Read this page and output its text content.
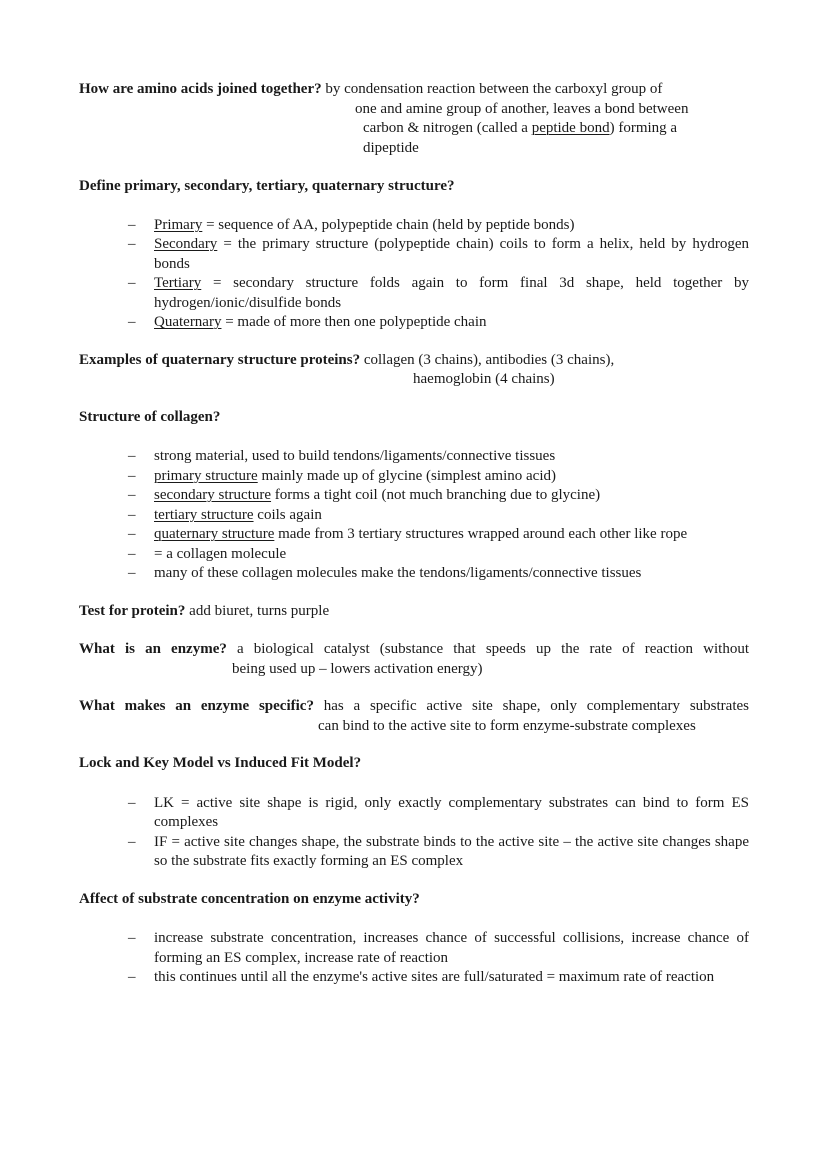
How are amino acids joined together? by condensation reaction between the carboxyl group of
one and amine group of another, leaves a bond between
carbon & nitrogen (called a peptide bond) forming a
dipeptide

Define primary, secondary, tertiary, quaternary structure?

– Primary = sequence of AA, polypeptide chain (held by peptide bonds)
– Secondary = the primary structure (polypeptide chain) coils to form a helix, held by hydrogen bonds
– Tertiary = secondary structure folds again to form final 3d shape, held together by hydrogen/ionic/disulfide bonds
– Quaternary = made of more then one polypeptide chain
Examples of quaternary structure proteins? collagen (3 chains), antibodies (3 chains),
haemoglobin (4 chains)

Structure of collagen?

– strong material, used to build tendons/ligaments/connective tissues
– primary structure mainly made up of glycine (simplest amino acid)
– secondary structure forms a tight coil (not much branching due to glycine)
– tertiary structure coils again
– quaternary structure made from 3 tertiary structures wrapped around each other like rope
– = a collagen molecule
– many of these collagen molecules make the tendons/ligaments/connective tissues
Test for protein? add biuret, turns purple
What is an enzyme? a biological catalyst (substance that speeds up the rate of reaction without
being used up – lowers activation energy)
What makes an enzyme specific? has a specific active site shape, only complementary substrates
can bind to the active site to form enzyme-substrate complexes

Lock and Key Model vs Induced Fit Model?

– LK = active site shape is rigid, only exactly complementary substrates can bind to form ES complexes
– IF = active site changes shape, the substrate binds to the active site – the active site changes shape so the substrate fits exactly forming an ES complex

Affect of substrate concentration on enzyme activity?

– increase substrate concentration, increases chance of successful collisions, increase chance of forming an ES complex, increase rate of reaction
– this continues until all the enzyme's active sites are full/saturated = maximum rate of reaction
